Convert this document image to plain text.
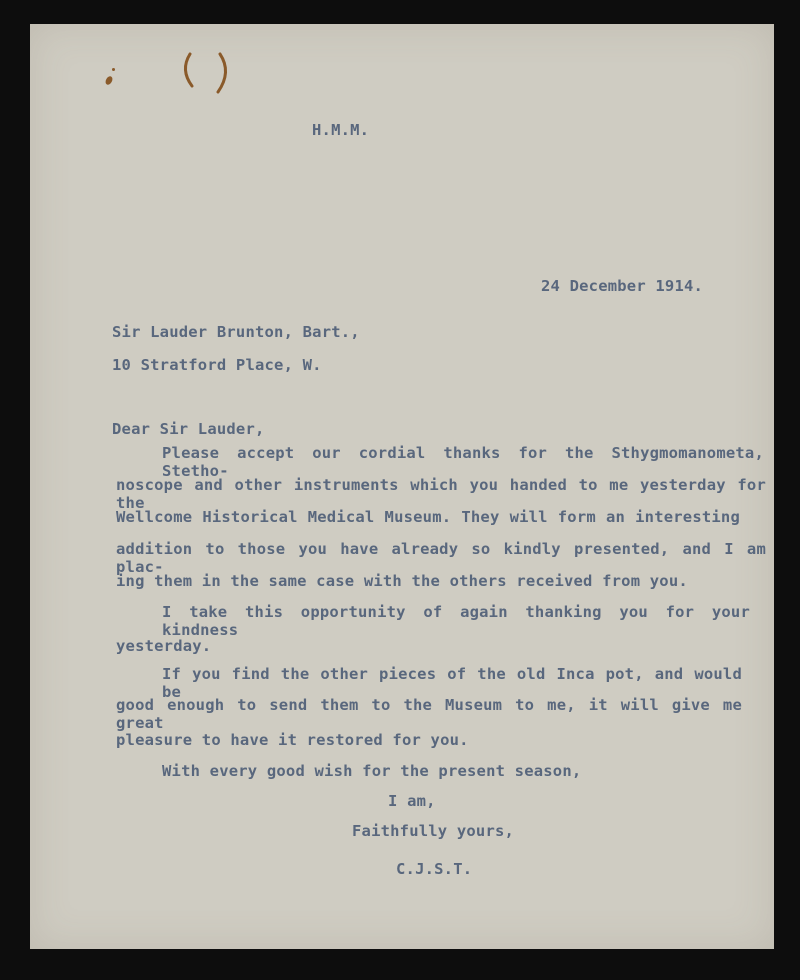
H.M.M.
24 December 1914.
Sir Lauder Brunton, Bart.,
10 Stratford Place, W.
Dear Sir Lauder,
Please accept our cordial thanks for the Sthygmomanometa, Stetho-
noscope and other instruments which you handed to me yesterday for the
Wellcome Historical Medical Museum. They will form an interesting
addition to those you have already so kindly presented, and I am plac-
ing them in the same case with the others received from you.
I take this opportunity of again thanking you for your kindness
yesterday.
If you find the other pieces of the old Inca pot, and would be
good enough to send them to the Museum to me, it will give me great
pleasure to have it restored for you.
With every good wish for the present season,
I am,
Faithfully yours,
C.J.S.T.
